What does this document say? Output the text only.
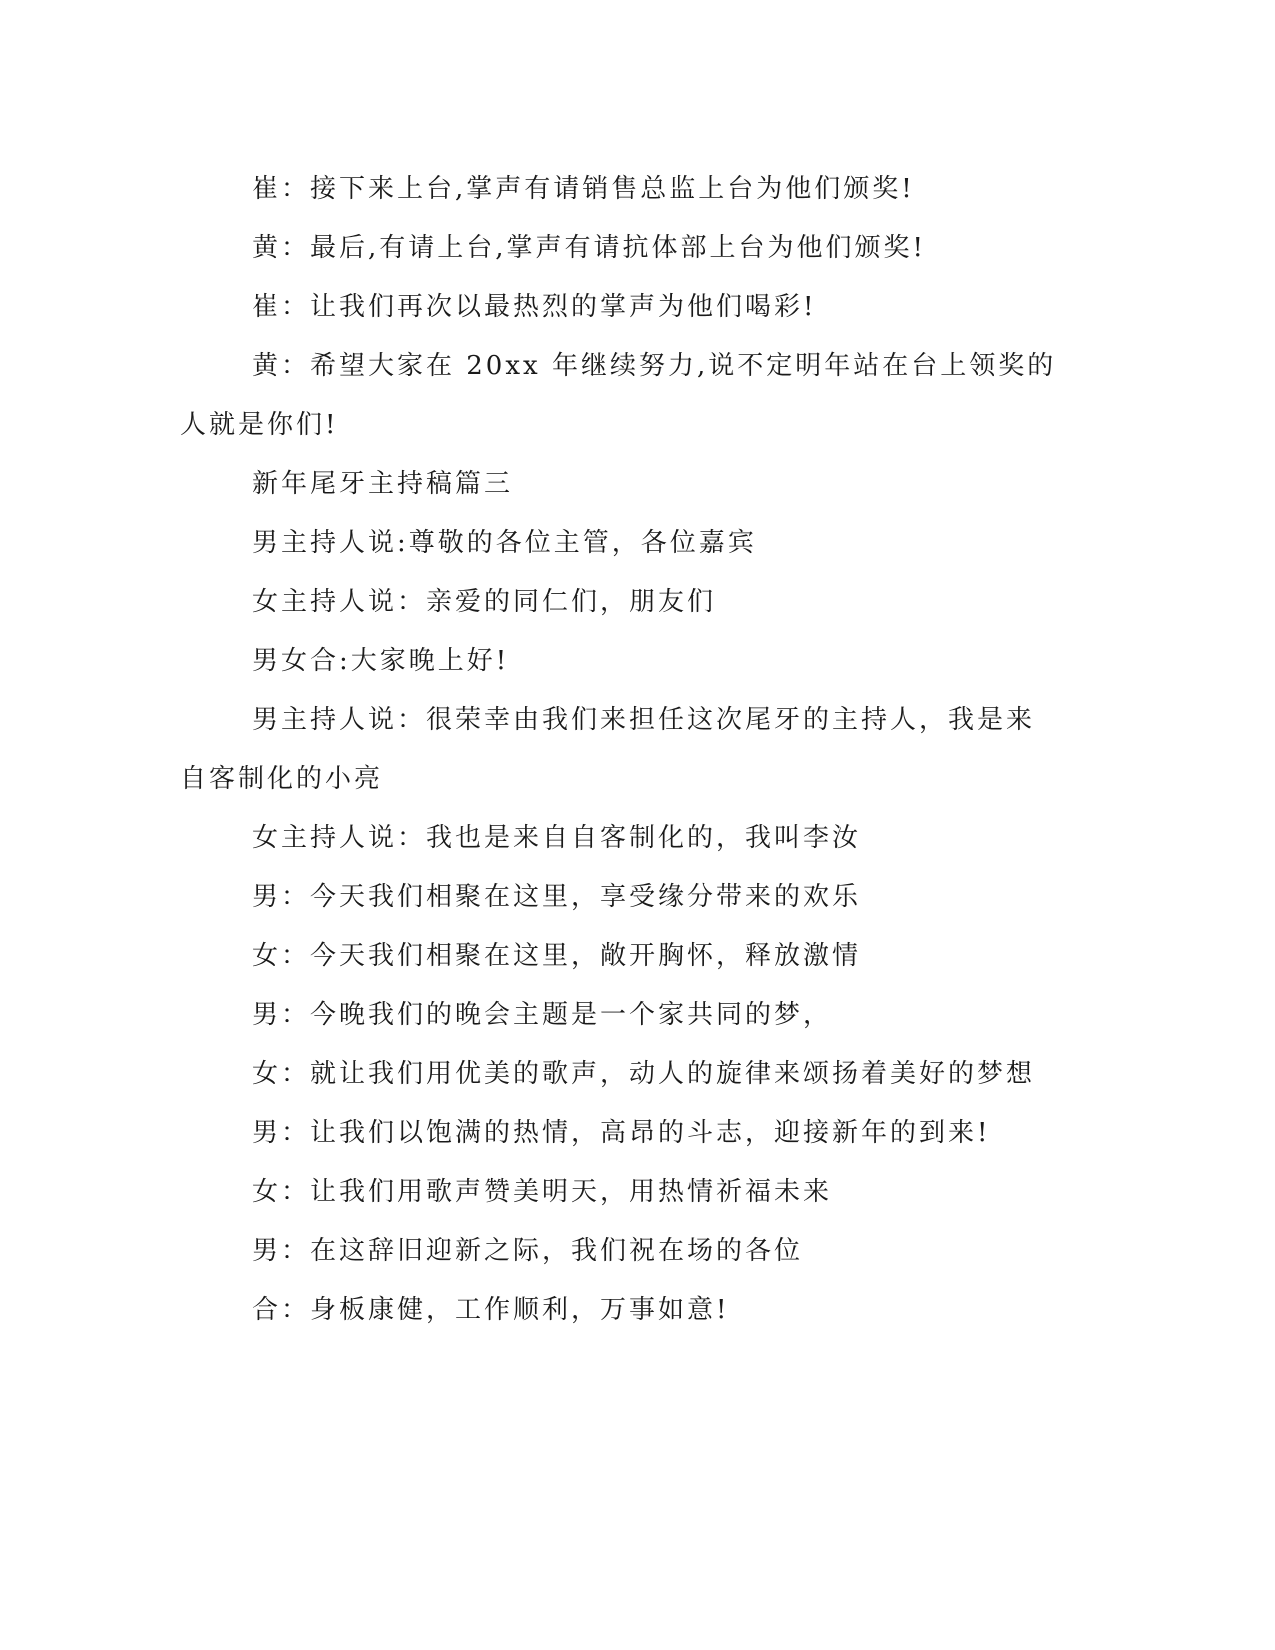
崔：接下来上台,掌声有请销售总监上台为他们颁奖!

黄：最后,有请上台,掌声有请抗体部上台为他们颁奖!

崔：让我们再次以最热烈的掌声为他们喝彩!

黄：希望大家在 20xx 年继续努力,说不定明年站在台上领奖的人就是你们!

新年尾牙主持稿篇三

男主持人说:尊敬的各位主管，各位嘉宾

女主持人说：亲爱的同仁们，朋友们

男女合:大家晚上好!

男主持人说：很荣幸由我们来担任这次尾牙的主持人，我是来自客制化的小亮

女主持人说：我也是来自自客制化的，我叫李汝

男：今天我们相聚在这里，享受缘分带来的欢乐

女：今天我们相聚在这里，敞开胸怀，释放激情

男：今晚我们的晚会主题是一个家共同的梦，

女：就让我们用优美的歌声，动人的旋律来颂扬着美好的梦想

男：让我们以饱满的热情，高昂的斗志，迎接新年的到来!

女：让我们用歌声赞美明天，用热情祈福未来

男：在这辞旧迎新之际，我们祝在场的各位

合：身板康健，工作顺利，万事如意!
